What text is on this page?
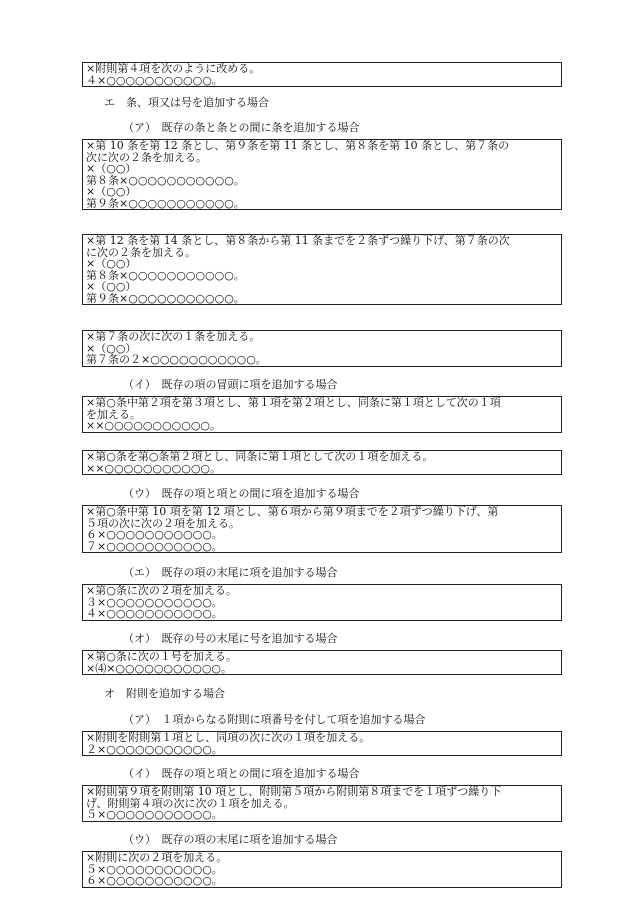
×附則第４項を次のように改める。
４×○○○○○○○○○○○。
エ　条、項又は号を追加する場合
（ア）　既存の条と条との間に条を追加する場合
×第 10 条を第 12 条とし、第９条を第 11 条とし、第８条を第 10 条とし、第７条の
次に次の２条を加える。
×（○○）
第８条×○○○○○○○○○○○。
×（○○）
第９条×○○○○○○○○○○○。
×第 12 条を第 14 条とし、第８条から第 11 条までを２条ずつ繰り下げ、第７条の次
に次の２条を加える。
×（○○）
第８条×○○○○○○○○○○○。
×（○○）
第９条×○○○○○○○○○○○。
×第７条の次に次の１条を加える。
×（○○）
第７条の２×○○○○○○○○○○○。
（イ）　既存の項の冒頭に項を追加する場合
×第○条中第２項を第３項とし、第１項を第２項とし、同条に第１項として次の１項
を加える。
××○○○○○○○○○○○。
×第○条を第○条第２項とし、同条に第１項として次の１項を加える。
××○○○○○○○○○○○。
（ウ）　既存の項と項との間に項を追加する場合
×第○条中第 10 項を第 12 項とし、第６項から第９項までを２項ずつ繰り下げ、第
５項の次に次の２項を加える。
６×○○○○○○○○○○○。
７×○○○○○○○○○○○。
（エ）　既存の項の末尾に項を追加する場合
×第○条に次の２項を加える。
３×○○○○○○○○○○○。
４×○○○○○○○○○○○。
（オ）　既存の号の末尾に号を追加する場合
×第○条に次の１号を加える。
×⑷×○○○○○○○○○○○。
オ　附則を追加する場合
（ア）　１項からなる附則に項番号を付して項を追加する場合
×附則を附則第１項とし、同項の次に次の１項を加える。
２×○○○○○○○○○○○。
（イ）　既存の項と項との間に項を追加する場合
×附則第９項を附則第 10 項とし、附則第５項から附則第８項までを１項ずつ繰り下
げ、附則第４項の次に次の１項を加える。
５×○○○○○○○○○○○。
（ウ）　既存の項の末尾に項を追加する場合
×附則に次の２項を加える。
５×○○○○○○○○○○○。
６×○○○○○○○○○○○。
